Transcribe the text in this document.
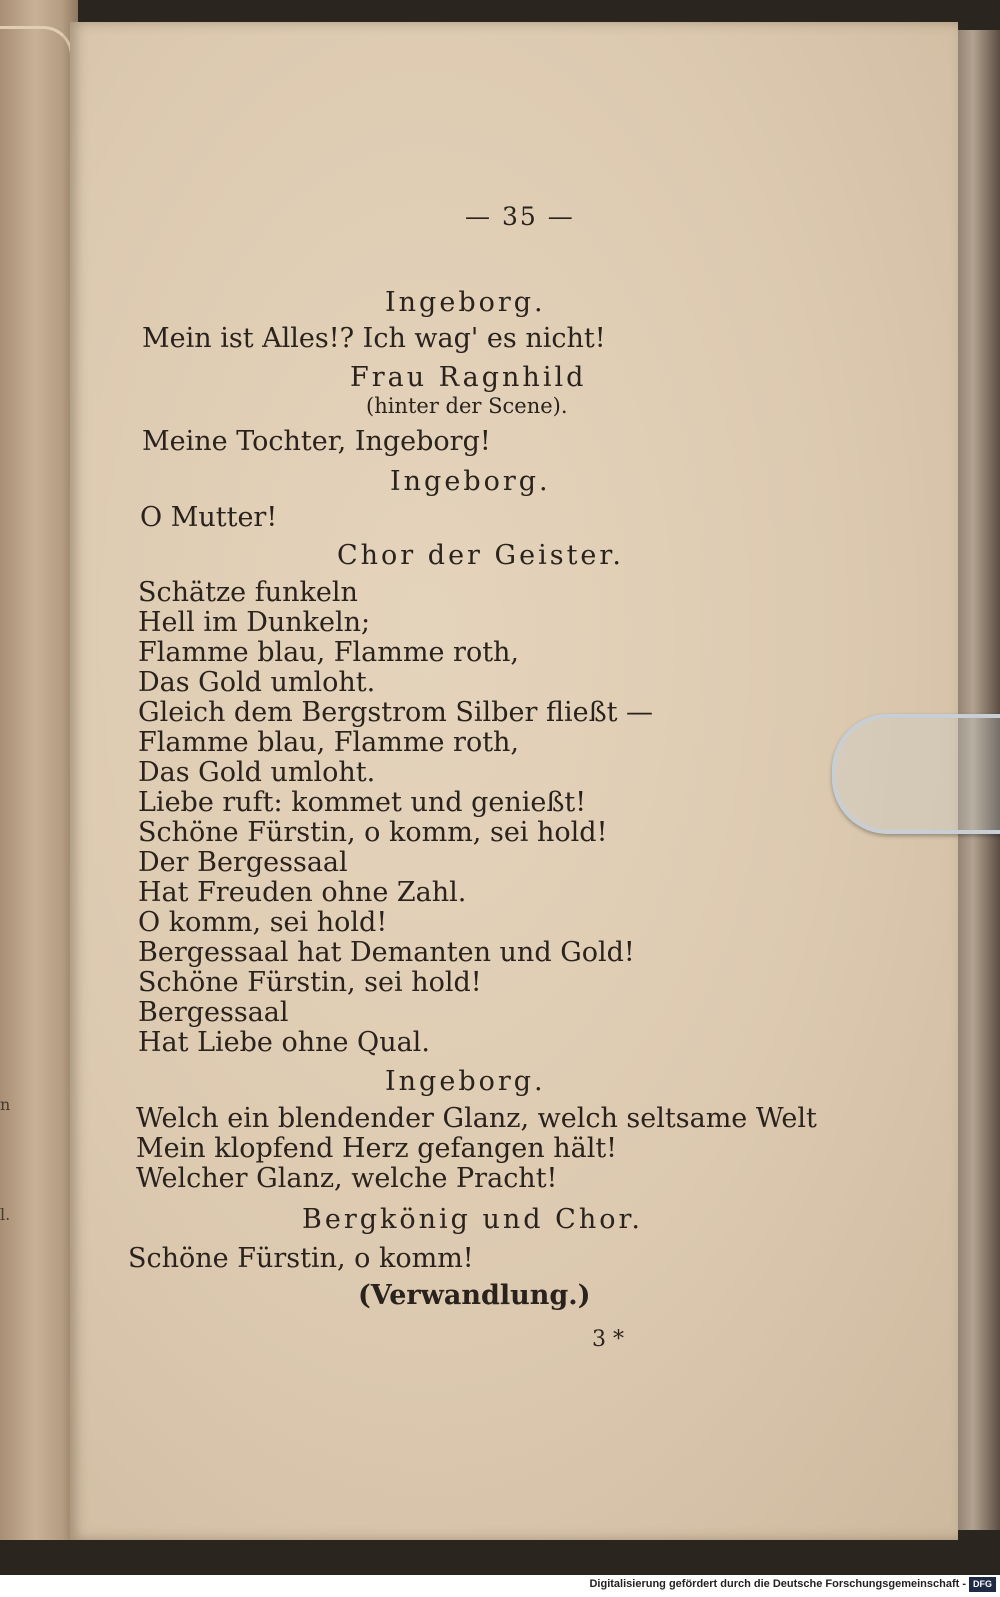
n
l.
— 35 —
Ingeborg.
Mein ist Alles!? Ich wag' es nicht!
Frau Ragnhild
(hinter der Scene).
Meine Tochter, Ingeborg!
Ingeborg.
O Mutter!
Chor der Geister.
Schätze funkeln
Hell im Dunkeln;
Flamme blau, Flamme roth,
Das Gold umloht.
Gleich dem Bergstrom Silber fließt —
Flamme blau, Flamme roth,
Das Gold umloht.
Liebe ruft: kommet und genießt!
Schöne Fürstin, o komm, sei hold!
Der Bergessaal
Hat Freuden ohne Zahl.
O komm, sei hold!
Bergessaal hat Demanten und Gold!
Schöne Fürstin, sei hold!
Bergessaal
Hat Liebe ohne Qual.
Ingeborg.
Welch ein blendender Glanz, welch seltsame Welt
Mein klopfend Herz gefangen hält!
Welcher Glanz, welche Pracht!
Bergkönig und Chor.
Schöne Fürstin, o komm!
(Verwandlung.)
3 *
Digitalisierung gefördert durch die Deutsche Forschungsgemeinschaft - DFG
